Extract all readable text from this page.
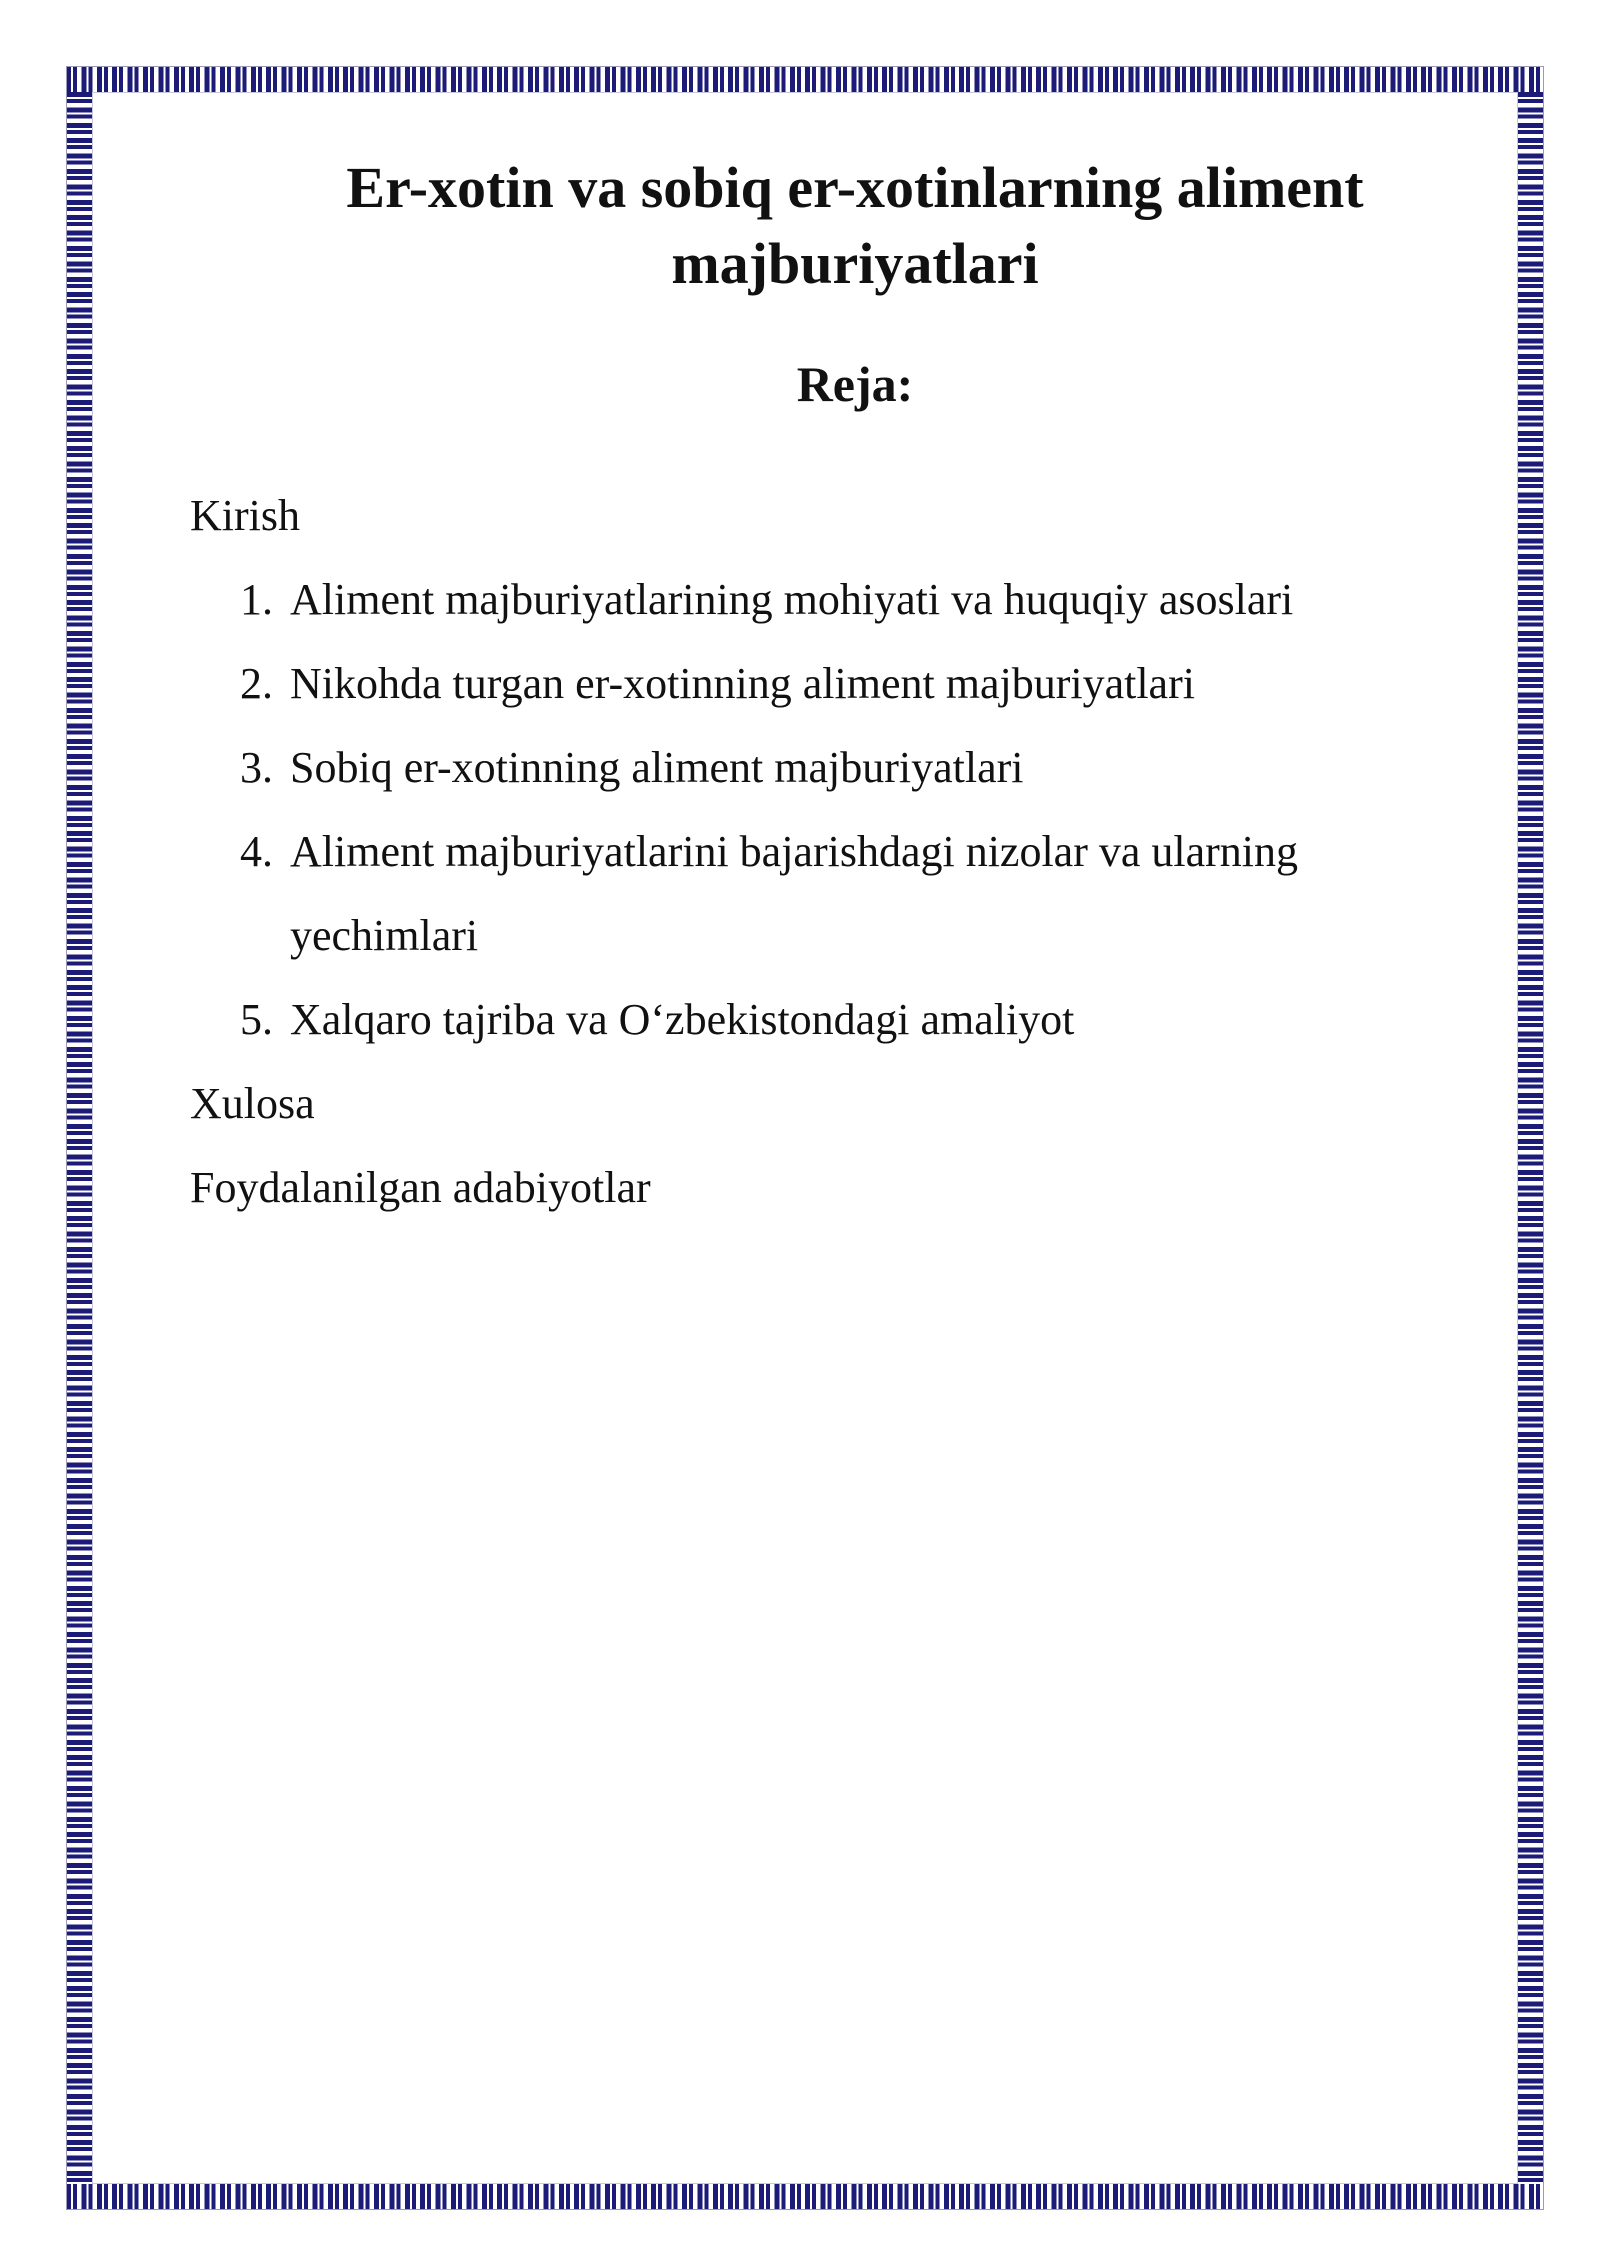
Er-xotin va sobiq er-xotinlarning aliment majburiyatlari
Reja:

Kirish

1. Aliment majburiyatlarining mohiyati va huquqiy asoslari
2. Nikohda turgan er-xotinning aliment majburiyatlari
3. Sobiq er-xotinning aliment majburiyatlari
4. Aliment majburiyatlarini bajarishdagi nizolar va ularning yechimlari
5. Xalqaro tajriba va O‘zbekistondagi amaliyot

Xulosa

Foydalanilgan adabiyotlar
